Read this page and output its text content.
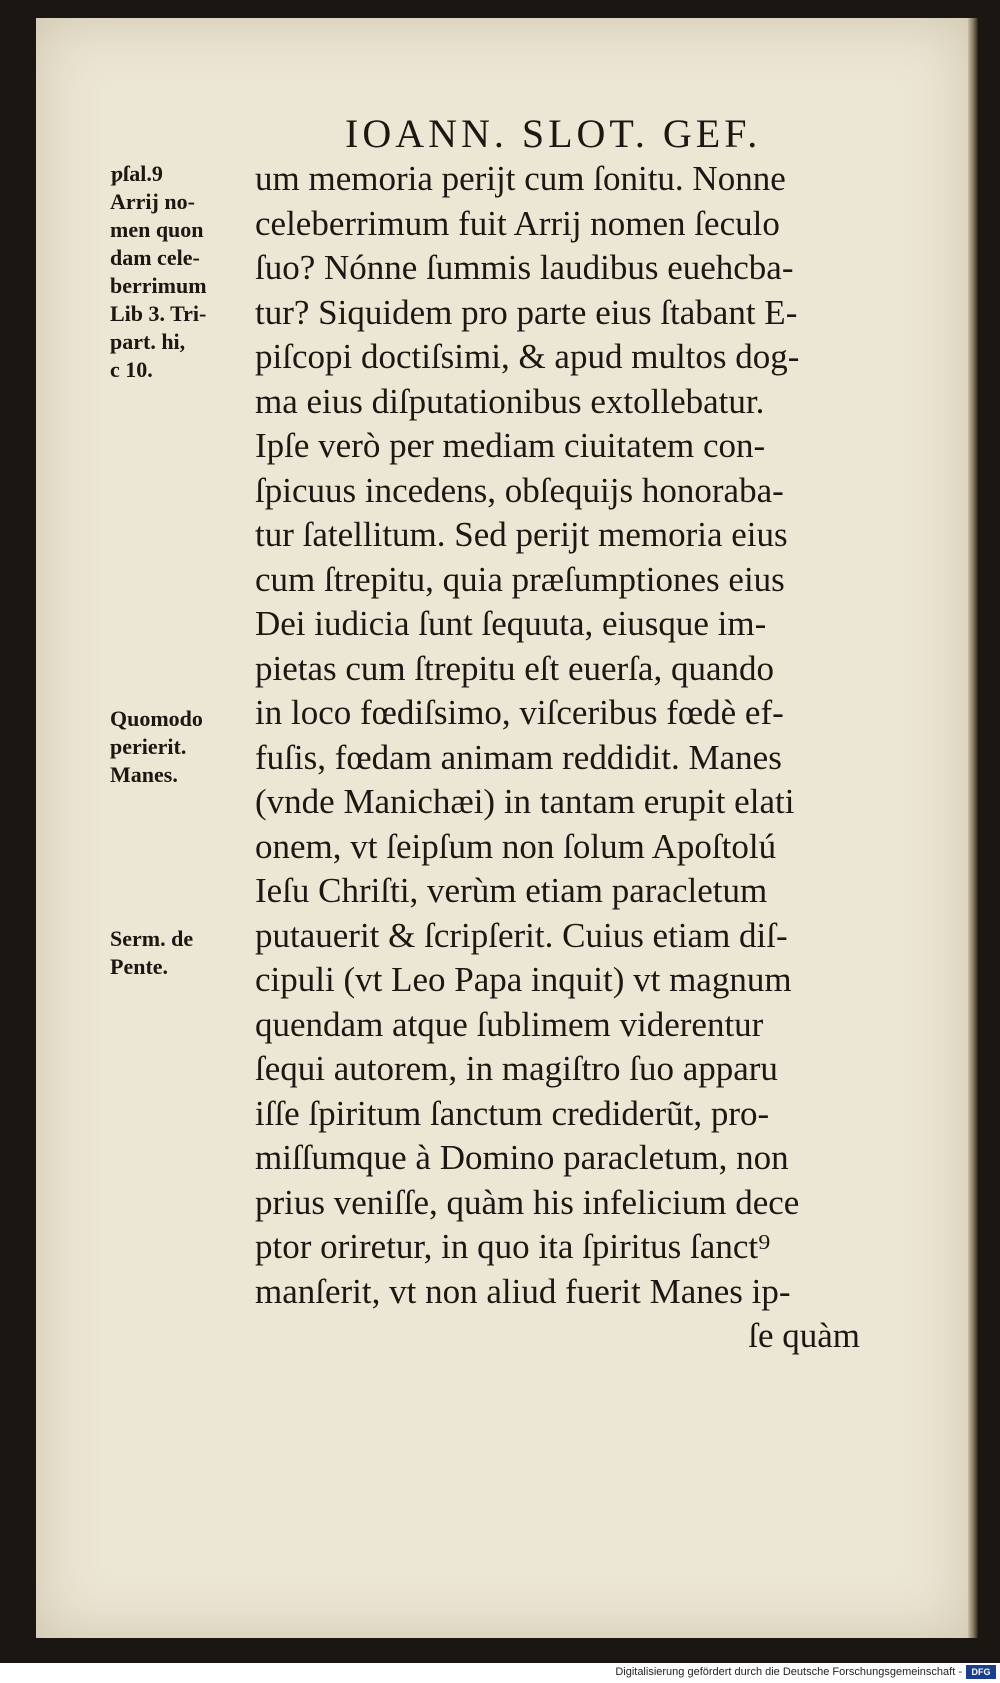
IOANN. SLOT. GEF.
ƿſal.9
Arrij no-
men quon
dam cele-
berrimum
Lib 3. Tri-
part. hi,
c 10.
Quomodo
perierit.
Manes.
Serm. de
Pente.
um memoria perijt cum ſonitu. Nonne
celeberrimum fuit Arrij nomen ſeculo
ſuo? Nónne ſummis laudibus euehcba-
tur? Siquidem pro parte eius ſtabant E-
piſcopi doctiſsimi, & apud multos dog-
ma eius diſputationibus extollebatur.
Ipſe verò per mediam ciuitatem con-
ſpicuus incedens, obſequijs honoraba-
tur ſatellitum. Sed perijt memoria eius
cum ſtrepitu, quia præſumptiones eius
Dei iudicia ſunt ſequuta, eiusque im-
pietas cum ſtrepitu eſt euerſa, quando
in loco fœdiſsimo, viſceribus fœdè ef-
fuſis, fœdam animam reddidit. Manes
(vnde Manichæi) in tantam erupit elati
onem, vt ſeipſum non ſolum Apoſtolú
Ieſu Chriſti, verùm etiam paracletum
putauerit & ſcripſerit. Cuius etiam diſ-
cipuli (vt Leo Papa inquit) vt magnum
quendam atque ſublimem viderentur
ſequi autorem, in magiſtro ſuo apparu
iſſe ſpiritum ſanctum crediderũt, pro-
miſſumque à Domino paracletum, non
prius veniſſe, quàm his infelicium dece
ptor oriretur, in quo ita ſpiritus ſanct⁹
manſerit, vt non aliud fuerit Manes ip-
ſe quàm
Digitalisierung gefördert durch die Deutsche Forschungsgemeinschaft -	DFG
